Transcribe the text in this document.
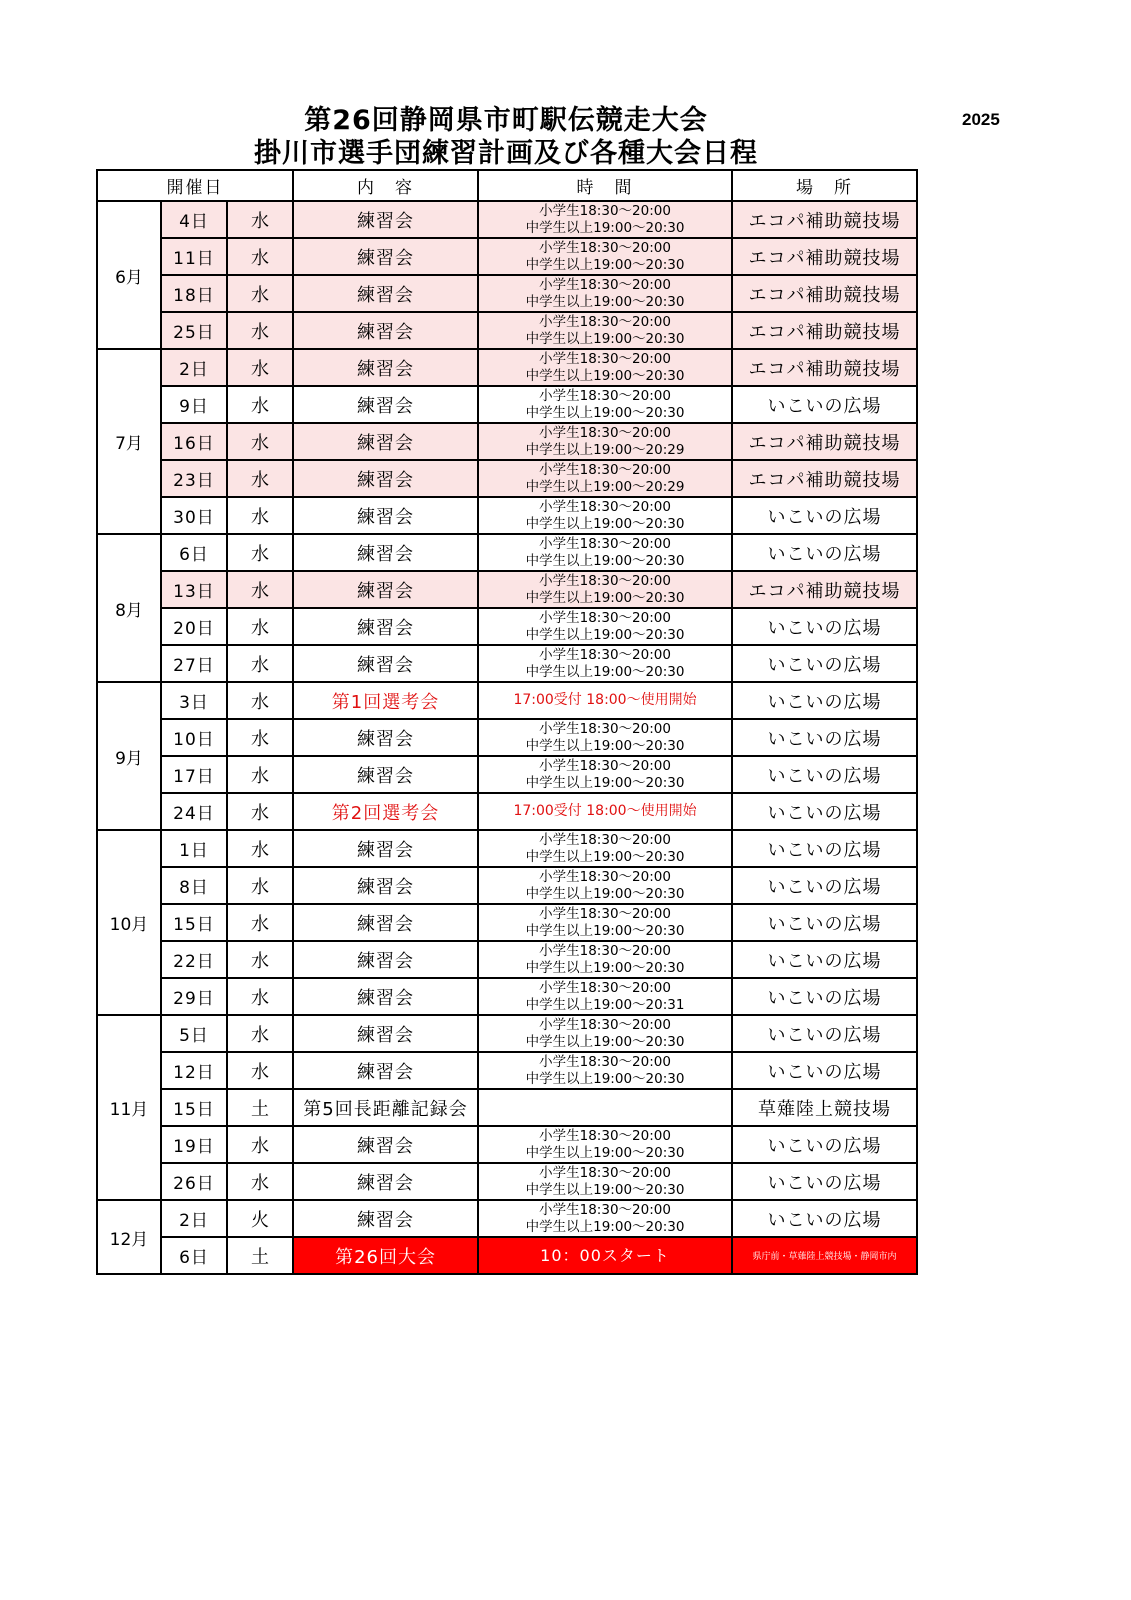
第26回静岡県市町駅伝競走大会
掛川市選手団練習計画及び各種大会日程
2025
開催日			内　容	時　間	場　所
6月	4日	水	練習会	小学生18:30～20:00
中学生以上19:00～20:30	エコパ補助競技場
	11日	水	練習会	小学生18:30～20:00
中学生以上19:00～20:30	エコパ補助競技場
	18日	水	練習会	小学生18:30～20:00
中学生以上19:00～20:30	エコパ補助競技場
	25日	水	練習会	小学生18:30～20:00
中学生以上19:00～20:30	エコパ補助競技場
7月	2日	水	練習会	小学生18:30～20:00
中学生以上19:00～20:30	エコパ補助競技場
	9日	水	練習会	小学生18:30～20:00
中学生以上19:00～20:30	いこいの広場
	16日	水	練習会	小学生18:30～20:00
中学生以上19:00～20:29	エコパ補助競技場
	23日	水	練習会	小学生18:30～20:00
中学生以上19:00～20:29	エコパ補助競技場
	30日	水	練習会	小学生18:30～20:00
中学生以上19:00～20:30	いこいの広場
8月	6日	水	練習会	小学生18:30～20:00
中学生以上19:00～20:30	いこいの広場
	13日	水	練習会	小学生18:30～20:00
中学生以上19:00～20:30	エコパ補助競技場
	20日	水	練習会	小学生18:30～20:00
中学生以上19:00～20:30	いこいの広場
	27日	水	練習会	小学生18:30～20:00
中学生以上19:00～20:30	いこいの広場
9月	3日	水	第1回選考会	17:00受付 18:00～使用開始	いこいの広場
	10日	水	練習会	小学生18:30～20:00
中学生以上19:00～20:30	いこいの広場
	17日	水	練習会	小学生18:30～20:00
中学生以上19:00～20:30	いこいの広場
	24日	水	第2回選考会	17:00受付 18:00～使用開始	いこいの広場
10月	1日	水	練習会	小学生18:30～20:00
中学生以上19:00～20:30	いこいの広場
	8日	水	練習会	小学生18:30～20:00
中学生以上19:00～20:30	いこいの広場
	15日	水	練習会	小学生18:30～20:00
中学生以上19:00～20:30	いこいの広場
	22日	水	練習会	小学生18:30～20:00
中学生以上19:00～20:30	いこいの広場
	29日	水	練習会	小学生18:30～20:00
中学生以上19:00～20:31	いこいの広場
11月	5日	水	練習会	小学生18:30～20:00
中学生以上19:00～20:30	いこいの広場
	12日	水	練習会	小学生18:30～20:00
中学生以上19:00～20:30	いこいの広場
	15日	土	第5回長距離記録会		草薙陸上競技場
	19日	水	練習会	小学生18:30～20:00
中学生以上19:00～20:30	いこいの広場
	26日	水	練習会	小学生18:30～20:00
中学生以上19:00～20:30	いこいの広場
12月	2日	火	練習会	小学生18:30～20:00
中学生以上19:00～20:30	いこいの広場
	6日	土	第26回大会	10：00スタート	県庁前・草薙陸上競技場・静岡市内
